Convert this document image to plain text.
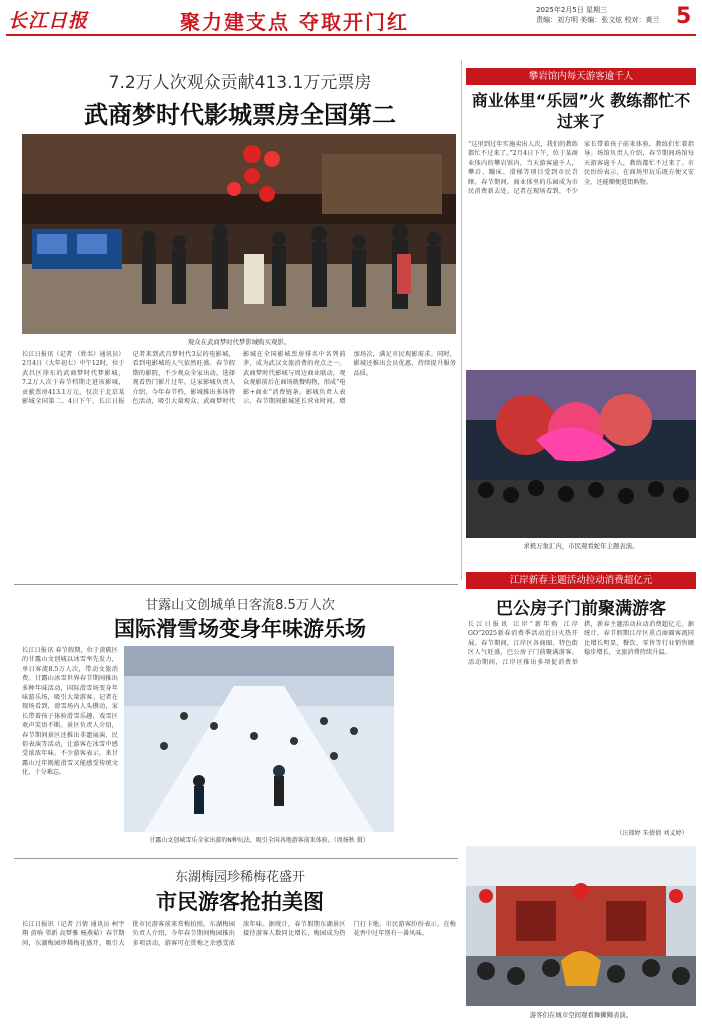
长江日报	聚力建支点 夺取开门红	2025年2月5日 星期三
责编：刘方明 美编：张文炫 校对：黄兰 5
7.2万人次观众贡献413.1万元票房
武商梦时代影城票房全国第二
观众在武商梦时代梦影城购买观影。
长江日报讯（记者 （姓名）通讯员）2月4日（大年初七）中午12时，位于武昌区徐东的武商梦时代梦影城，7.2万人次于春节档期走进该影城，贡献票房413.1万元，仅次于北京某影城全国第二。4日下午，长江日报记者来到武昌梦时代3层的电影城，看到电影城的人气依然旺盛。春节假期的影院，不少观众全家出动，选择观看热门影片过年。这家影城负责人介绍，今年春节档，影城推出多场特色活动，吸引大量观众。武商梦时代影城在全国影城票房排名中名列前茅，成为武汉文旅消费的亮点之一。武商梦时代影城与周边商业联动，观众观影前后在商场就餐购物，形成“电影+商业”消费链条。影城负责人表示，春节期间影城延长营业时间，增加场次，满足市民观影需求。同时，影城还推出会员优惠，持续提升服务品质。
攀岩馆内每天游客逾千人
商业体里“乐园”火 教练都忙不过来了
“这里到过年实施卖出人次，我们的教练都忙不过来了。”2月4日下午，位于某商业体内的攀岩馆内，当天游客逾千人，攀岩、蹦床、滑梯等项目受到市民青睐。春节期间，商业体里的乐园成为市民消费新去处。记者在现场看到，不少家长带着孩子前来体验，教练们忙着指导。场馆负责人介绍，春节期间场馆每天游客逾千人，教练都忙不过来了。市民纷纷表示，在商场里玩乐既方便又安全，还能顺便逛街购物。
求极万象汇内，市民观看蛇年主题表演。
甘露山文创城单日客流8.5万人次
国际滑雪场变身年味游乐场
长江日报讯 春节假期，位于黄陂区的甘露山文创城以冰雪率先发力，单日客流8.5万人次，带动文旅消费。甘露山冰雪世界春节期间推出多种年味活动，国际滑雪场变身年味游乐场，吸引大量游客。记者在现场看到，滑雪场内人头攒动，家长带着孩子体验滑雪乐趣，戏雪区欢声笑语不断。景区负责人介绍，春节期间景区还推出非遗展演、民俗表演等活动，让游客在冰雪中感受浓浓年味。不少游客表示，来甘露山过年既能滑雪又能感受传统文化，十分难忘。
甘露山文创城雪乐全家出游的N种玩法，吸引全国各地游客前来体验。（周扬秋 摄）
东湖梅园珍稀梅花盛开
市民游客抢拍美图
长江日报讯（记者 吕倩 通讯员 柯宇翔 黄响 邻新 高梦雅 杨燕茹）春节期间，东湖梅园珍稀梅花盛开，吸引大批市民游客前来赏梅拍照。东湖梅园负责人介绍，今年春节期间梅园推出多项活动，游客可在赏梅之余感受浓浓年味。据统计，春节假期东湖景区接待游客人数同比增长，梅园成为热门打卡地。市民游客纷纷表示，在梅花香中过年别有一番风味。
江岸新春主题活动拉动消费超亿元
巴公房子门前聚满游客
长江日报讯 江岸“新年购 江岸GO”2025新春消费季活动近日火热开展。春节期间，江岸区各商圈、特色街区人气旺盛，巴公房子门前聚满游客。活动期间，江岸区推出多项促消费举措，新春主题活动拉动消费超亿元。据统计，春节假期江岸区重点商圈客流同比增长明显，餐饮、零售等行业销售额稳步增长，文旅消费持续升温。
（汪郎婷 朱倩倩 刘义婷）
游客们在城市空间观看舞狮狮表演。
